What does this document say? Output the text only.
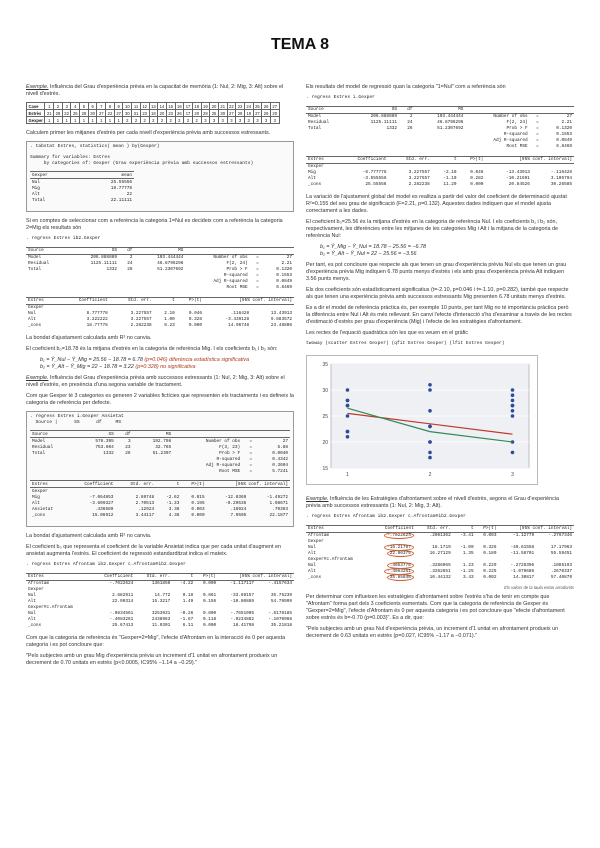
TEMA 8

Exemple. Influència del Grau d'experiència prèvia en la capacitat de memòria (1: Nul, 2: Mig, 3: Alt) sobre el nivell d'estrès.

Case	1	2	3	4	5	6	7	8	9	10	11	12	13	14	15	16	17	18	19	20	21	22	23	24	25	26	27
Estrès	21	28	22	25	28	30	27	22	27	30	31	23	18	20	23	26	17	20	28	25	30	27	29	18	27	26	20
Gexper	1	1	1	1	1	1	1	1	1	2	2	2	2	2	2	2	2	2	3	3	3	3	3	3	3	3	3

Calculem primer les mitjanes d'estrès per cada nivell d'experiència prèvia amb successos estressants.

. tabstat Estres, statistics( mean ) by(Gexper)

Summary for variables: Estres
by categories of: Gexper (Grau experiència prèvia amb successos estressants)
Gexper	mean
Nul	25.55556
Mig	18.77778
Alt	22
Total	22.11111

Si en comptes de seleccionar com a referència la categoria 1=Nul es decideix com a referència la categoria 2=Mig els resultats són

. regress Estres ib2.Gexper
Source	SS	df	MS			
Model	206.888889	2	103.444444	Number of obs	=	27
Residual	1125.11111	24	46.8796296	F(2, 24)	=	2.21
Total	1332	26	51.2307692	Prob > F	=	0.1320
				R-squared	=	0.1553
				Adj R-squared	=	0.0849
				Root MSE	=	6.8469
Estres	Coefficient	Std. err.	t	P>|t|	[95% conf. interval]	
Gexper						
Nul	6.777778	3.227557	2.10	0.046	.116428	13.43913
Alt	3.222222	3.227557	1.00	0.328	-3.439128	9.883572
_cons	18.77778	2.282238	8.23	0.000	14.06748	23.48808

La bondat d'ajustament calculada amb R² no canvia.

El coeficient b₀=18.78 és la mitjana d'estrès en la categoria de referència Mig. I els coeficients b₁ i b₂ són:

b₁ = Ȳ_Nul − Ȳ_Mig = 25.56 − 18.78 = 6.78 (p=0.046) diferència estadística significativa
b₂ = Ȳ_Alt − Ȳ_Mig = 22 − 18.78 = 3.22 (p=0.328) no significativa

Exemple. Influència del Grau d'experiència prèvia amb successos estressants (1: Nul, 2: Mig, 3: Alt) sobre el nivell d'estrès, en presència d'una segona variable de tractament.

Com que Gexper té 3 categories es generen 2 variables fictícies que representen els tractaments i es defineix la categoria de referència per defecte.

. regress Estres i.Gexper Ansietat
Source |      SS      df     MS
Source	SS	df	MS			
Model	578.395	3	192.798	Number of obs	=	27
Residual	753.604	23	32.765	F(3, 23)	=	5.88
Total	1332	26	51.2307	Prob > F	=	0.0040
				R-squared	=	0.4342
				Adj R-squared	=	0.3604
				Root MSE	=	5.7241
Estres	Coefficient	Std. err.	t	P>|t|	[95% conf. interval]	
Gexper						
Mig	-7.064853	2.69748	-2.62	0.015	-12.6369	-1.49272
Alt	-3.609327	2.70513	-1.33	0.195	-9.20536	1.98671
Ansietat	.436589	.12924	3.38	0.003	.16924	.70393
_cons	15.06912	3.44117	4.38	0.000	7.9505	22.1877

La bondat d'ajustament calculada amb R² no canvia.

El coeficient b₀ que representa el coeficient de la variable Ansietat indica que per cada unitat d'augment en ansietat augmenta l'estrès. El coeficient de regressió estandarditzat indica el mateix.

. regress Estres Afrontam ib2.Gexper c.Afrontam#ib2.Gexper
Estres	Coefficient	Std. err.	t	P>|t|	[95% conf. interval]	
Afrontam	-.7022624	1361850	-4.22	0.000	-1.117117	-.4157634
Gexper						
Nul	2.682911	14.772	0.18	0.861	-33.69157	35.75239
Alt	22.90314	15.3217	1.49	0.156	-10.80889	54.79999
Gexper#c.Afrontam						
Nul	-.0834561	3253931	-0.26	0.800	-.7651005	-.6178185
Alt	-.4083261	2438963	-1.67	0.118	-.9234882	-.1070968
_cons	25.67413	11.9301	6.11	0.000	18.41798	35.21818

Com que la categoria de referència és "Gexper=2=Mig", l'efecte d'Afrontam en la interacció és 0 per aquesta categoria i es pot concloure que:

"Pels subjectes amb un grau Mig d'experiència prèvia un increment d'1 unitat en afrontament produeix un decrement de 0.70 unitats en estrès (p<0.0005, IC95% −1.14 a −0.29)."

Els resultats del model de regressió quan la categoria "1=Nul" com a referència són

. regress Estres i.Gexper
Source	SS	df	MS			
Model	206.888889	2	103.444444	Number of obs	=	27
Residual	1125.11111	24	46.8796296	F(2, 24)	=	2.21
Total	1332	26	51.2307692	Prob > F	=	0.1320
				R-squared	=	0.1553
				Adj R-squared	=	0.0849
				Root MSE	=	6.8469
Estres	Coefficient	Std. err.	t	P>|t|	[95% conf. interval]	
Gexper						
Mig	-6.777778	3.227557	-2.10	0.046	-13.43913	-.116428
Alt	-3.555556	3.227557	-1.10	0.282	-10.21691	3.105794
_cons	25.55556	2.282238	11.20	0.000	20.84526	30.26585

La variació de l'ajustament global del model es realitza a partir del valor del coeficient de determinació ajustat R²=0.155 del seu grau de significació (F=2.21, p=0.132). Aquestes dades indiquen que el model ajusta correctament a les dades.

El coeficient b₀=25.56 és la mitjana d'estrès en la categoria de referència Nul. I els coeficients b₁ i b₂ són, respectivament, les diferències entre les mitjanes de les categories Mig i Alt i la mitjana de la categoria de referència Nul:

b₁ = Ȳ_Mig − Ȳ_Nul = 18.78 − 25.56 = −6.78
b₂ = Ȳ_Alt − Ȳ_Nul = 22 − 25.56 = −3.56

Per tant, es pot concloure que respecte als que tenen un grau d'experiència prèvia Nul els que tenen un grau d'experiència prèvia Mig indiquen 6.78 punts menys d'estrès i els amb grau d'experiència prèvia Alt indiquen 3.56 punts menys.

Els dos coeficients són estadísticament significatius (t=-2.10, p=0.046 i t=-1.10, p=0.282), també que respecte als que tenen una experiència prèvia amb successos estressants Mig presenten 6.78 unitats menys d'estrès.

Es a dir el model de referència pràctica és, per exemple 10 punts, per tant Mig no té importància pràctica però la diferència entre Nul i Alt és més rellevant. En canvi l'efecte d'interacció s'ha d'examinar a través de les rectes d'estimació d'estrès per grau d'experiència (Mig) i l'efecte de les estratègies d'afrontament.

Les rectes de l'equació quadràtica són les que es veuen en el gràfic

twoway (scatter Estres Gexper) (qfit Estres Gexper) (lfit Estres Gexper)
15
20
25
30
35
1	2	3

Exemple. Influència de les Estratègies d'afrontament sobre el nivell d'estrès, segons el Grau d'experiència prèvia amb successos estressants (1: Nul, 2: Mig, 3: Alt).

. regress Estres Afrontam ib2.Gexper c.Afrontam#ib2.Gexper
Estres	Coefficient	Std. err.	t	P>|t|	[95% conf. interval]	
Afrontam	-.7022624	.2061362	-3.41	0.003	-1.12779	-.2767346
Gexper						
Nul	-16.21797	16.1719	-1.00	0.326	-49.61558	17.17963
Alt	22.00375	16.27129	1.35	0.189	-11.58701	55.59451
Gexper#c.Afrontam						
Nul	.4053778	.3286065	1.23	0.229	-.2728396	.1085193
Alt	-.4063261	.3262651	-1.25	0.225	-1.079686	.2670337
_cons	35.85848	10.44132	3.43	0.002	14.30817	57.40879
Els valors de la taula estan arrodonits

Per determinar com influeixen les estratègies d'afrontament sobre l'estrès s'ha de tenir en compte que "Afrontam" forma part dels 3 coeficients esmentats. Com que la categoria de referència de Gexper és "Gexper=2=Mig", l'efecte d'Afrontam és 0 per aquesta categoria i es pot concloure que "efecte d'afrontament sobre estrès és b=-0.70 (p=0.003)". Es a dir, que:

"Pels subjectes amb un grau Nul d'experiència prèvia, un increment d'1 unitat en afrontament produeix un decrement de 0.63 unitats en estrès (p=0.027, IC95% −1.17 a −0.071)."
